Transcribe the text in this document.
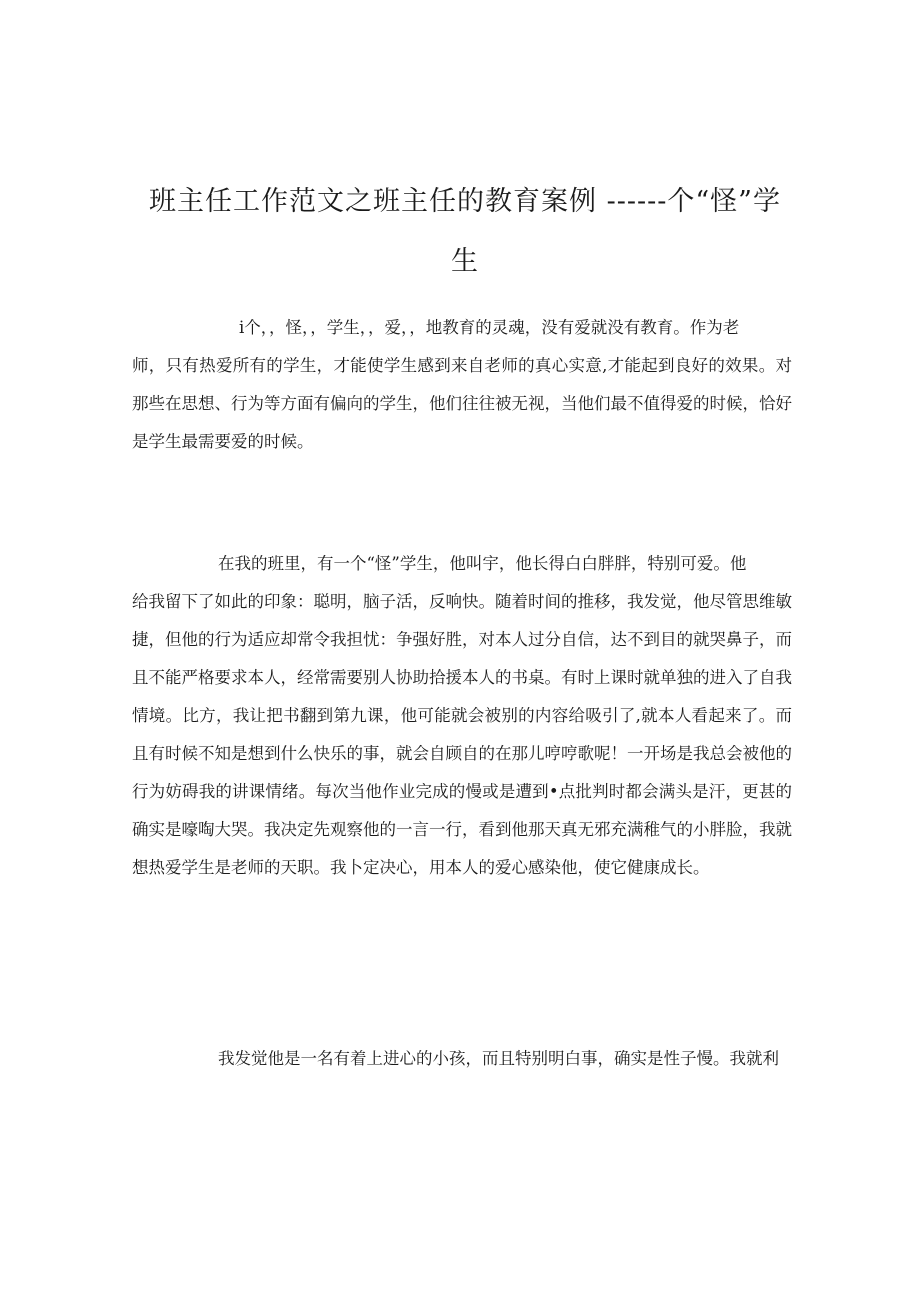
班主任工作范文之班主任的教育案例 ------个“怪”学
生

i个，，怪，，学生，，爱，，地教育的灵魂，没有爱就没有教育。作为老
师，只有热爱所有的学生，才能使学生感到来自老师的真心实意,才能起到良好的效果。对那些在思想、行为等方面有偏向的学生，他们往往被无视，当他们最不值得爱的时候，恰好是学生最需要爱的时候。

在我的班里，有一个“怪”学生，他叫宇，他长得白白胖胖，特别可爱。他
给我留下了如此的印象：聪明，脑子活，反响快。随着时间的推移，我发觉，他尽管思维敏捷，但他的行为适应却常令我担忧：争强好胜，对本人过分自信，达不到目的就哭鼻子，而且不能严格要求本人，经常需要别人协助拾援本人的书桌。有时上课时就单独的进入了自我情境。比方，我让把书翻到第九课，他可能就会被别的内容给吸引了,就本人看起来了。而且有时候不知是想到什么快乐的事，就会自顾自的在那儿哼哼歌呢！一开场是我总会被他的行为妨碍我的讲课情绪。每次当他作业完成的慢或是遭到•点批判时都会满头是汗，更甚的确实是嚎啕大哭。我决定先观察他的一言一行，看到他那天真无邪充满稚气的小胖脸，我就想热爱学生是老师的天职。我卜定决心，用本人的爱心感染他，使它健康成长。

我发觉他是一名有着上进心的小孩，而且特别明白事，确实是性子慢。我就利
